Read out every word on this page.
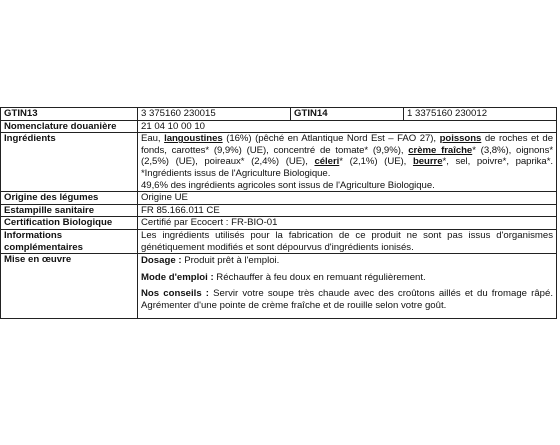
GTIN13	3 375160 230015	GTIN14	1 3375160 230012
Nomenclature douanière	21 04 10 00 10		
Ingrédients	Eau, langoustines (16%) (pêché en Atlantique Nord Est – FAO 27), poissons de roches et de fonds, carottes* (9,9%) (UE), concentré de tomate* (9,9%), crème fraîche* (3,8%), oignons* (2,5%) (UE), poireaux* (2,4%) (UE), céleri* (2,1%) (UE), beurre*, sel, poivre*, paprika*. *Ingrédients issus de l'Agriculture Biologique.
49,6% des ingrédients agricoles sont issus de l'Agriculture Biologique.		
Origine des légumes	Origine UE		
Estampille sanitaire	FR 85.166.011 CE		
Certification Biologique	Certifié par Ecocert : FR-BIO-01		
Informations complémentaires	Les ingrédients utilisés pour la fabrication de ce produit ne sont pas issus d'organismes génétiquement modifiés et sont dépourvus d'ingrédients ionisés.		
Mise en œuvre	Dosage : Produit prêt à l'emploi.

Mode d'emploi : Réchauffer à feu doux en remuant régulièrement.

Nos conseils : Servir votre soupe très chaude avec des croûtons aillés et du fromage râpé. Agrémenter d'une pointe de crème fraîche et de rouille selon votre goût.		
